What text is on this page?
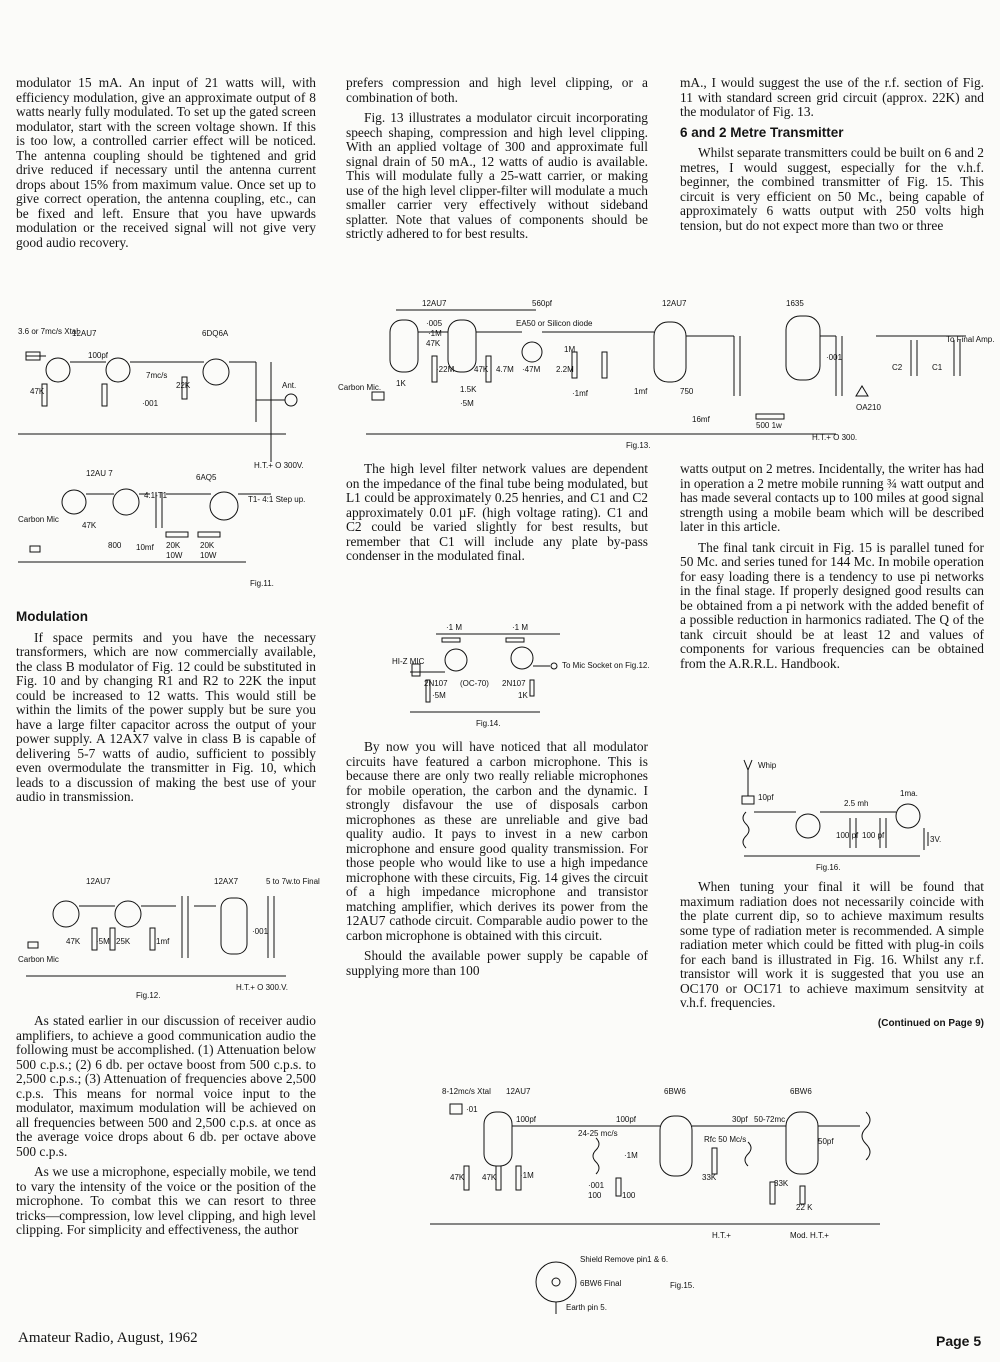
modulator 15 mA. An input of 21 watts will, with efficiency modulation, give an approximate output of 8 watts nearly fully modulated. To set up the gated screen modulator, start with the screen voltage shown. If this is too low, a controlled carrier effect will be noticed. The antenna coupling should be tightened and grid drive reduced if necessary until the antenna current drops about 15% from maximum value. Once set up to give correct operation, the antenna coupling, etc., can be fixed and left. Ensure that you have upwards modulation or the received signal will not give very good audio recovery.

3.6 or 7mc/s Xtal
12AU7	6DQ6A
100pf
47K
7mc/s
22K
·001
Ant.
H.T.+ O 300V.
12AU 7	6AQ5
4.1-T1	T1- 4:1 Step up.
Carbon Mic
47K
800 10mf 20K 20K
10W 10W
Fig.11.
Modulation

If space permits and you have the necessary transformers, which are now commercially available, the class B modulator of Fig. 12 could be substituted in Fig. 10 and by changing R1 and R2 to 22K the input could be increased to 12 watts. This would still be within the limits of the power supply but be sure you have a large filter capacitor across the output of your power supply. A 12AX7 valve in class B is capable of delivering 5-7 watts of audio, sufficient to possibly even overmodulate the transmitter in Fig. 10, which leads to a discussion of making the best use of your audio in transmission.

12AU7	12AX7	5 to 7w.to Final
Carbon Mic
47K ·5M 25K	1mf
·001
H.T.+ O 300.V.
Fig.12.

As stated earlier in our discussion of receiver audio amplifiers, to achieve a good communication audio the following must be accomplished. (1) Attenuation below 500 c.p.s.; (2) 6 db. per octave boost from 500 c.p.s. to 2,500 c.p.s.; (3) Attenuation of frequencies above 2,500 c.p.s. This means for normal voice input to the modulator, maximum modulation will be achieved on all frequencies between 500 and 2,500 c.p.s. at once as the average voice drops about 6 db. per octave above 500 c.p.s.

As we use a microphone, especially mobile, we tend to vary the intensity of the voice or the position of the microphone. To combat this we can resort to three tricks—compression, low level clipping, and high level clipping. For simplicity and effectiveness, the author

prefers compression and high level clipping, or a combination of both.

Fig. 13 illustrates a modulator circuit incorporating speech shaping, compression and high level clipping. With an applied voltage of 300 and approximate full signal drain of 50 mA., 12 watts of audio is available. This will modulate fully a 25-watt carrier, or making use of the high level clipper-filter will modulate a much smaller carrier very effectively without sideband splatter. Note that values of components should be strictly adhered to for best results.

mA., I would suggest the use of the r.f. section of Fig. 11 with standard screen grid circuit (approx. 22K) and the modulator of Fig. 13.

6 and 2 Metre Transmitter

Whilst separate transmitters could be built on 6 and 2 metres, I would suggest, especially for the v.h.f. beginner, the combined transmitter of Fig. 15. This circuit is very efficient on 50 Mc., being capable of approximately 6 watts output with 250 volts high tension, but do not expect more than two or three

12AU7	560pf	12AU7	1635
To Final Amp.
·005
·1M
47K
EA50 or Silicon diode
Carbon Mic. 1K
·22M 47K
1.5K
·5M
4.7M ·47M
1M
2.2M
·1mf	1mf	750
16mf
500 1w
C2	C1
·001
OA210
H.T.+ O 300.
Fig.13.

The high level filter network values are dependent on the impedance of the final tube being modulated, but L1 could be approximately 0.25 henries, and C1 and C2 approximately 0.01 µF. (high voltage rating). C1 and C2 could be varied slightly for best results, but remember that C1 will include any plate by-pass condenser in the modulated final.

·1 M	·1 M
HI-Z MIC
2N107 (OC-70) 2N107
·5M	1K
To Mic Socket on Fig.12.
Fig.14.

By now you will have noticed that all modulator circuits have featured a carbon microphone. This is because there are only two really reliable microphones for mobile operation, the carbon and the dynamic. I strongly disfavour the use of disposals carbon microphones as these are unreliable and give bad quality audio. It pays to invest in a new carbon microphone and ensure good quality transmission. For those people who would like to use a high impedance microphone with these circuits, Fig. 14 gives the circuit of a high impedance microphone and transistor matching amplifier, which derives its power from the 12AU7 cathode circuit. Comparable audio power to the carbon microphone is obtained with this circuit.

Should the available power supply be capable of supplying more than 100

watts output on 2 metres. Incidentally, the writer has had in operation a 2 metre mobile running ¾ watt output and has made several contacts up to 100 miles at good signal strength using a mobile beam which will be described later in this article.

The final tank circuit in Fig. 15 is parallel tuned for 50 Mc. and series tuned for 144 Mc. In mobile operation for easy loading there is a tendency to use pi networks in the final stage. If properly designed good results can be obtained from a pi network with the added benefit of a possible reduction in harmonics radiated. The Q of the tank circuit should be at least 12 and values of components for various frequencies can be obtained from the A.R.R.L. Handbook.

Whip
10pf
2.5 mh
1ma.
100 pf 100 pf	3V.
Fig.16.

When tuning your final it will be found that maximum radiation does not necessarily coincide with the plate current dip, so to achieve maximum results some type of radiation meter is recommended. A simple radiation meter which could be fitted with plug-in coils for each band is illustrated in Fig. 16. Whilst any r.f. transistor will work it is suggested that you use an OC170 or OC171 to achieve maximum sensitvity at v.h.f. frequencies.

(Continued on Page 9)
8-12mc/s Xtal
·01
12AU7	6BW6	6BW6
100pf
24-25 mc/s
100pf
47K 47K	·1M
·001
100
·1M
100
Rfc 50 Mc/s
33K
30pf 50-72mc
50pf
33K
22 K
H.T.+	Mod. H.T.+
Shield Remove pin1 & 6.
6BW6 Final
Earth pin 5.
Fig.15.
Amateur Radio, August, 1962	Page 5
